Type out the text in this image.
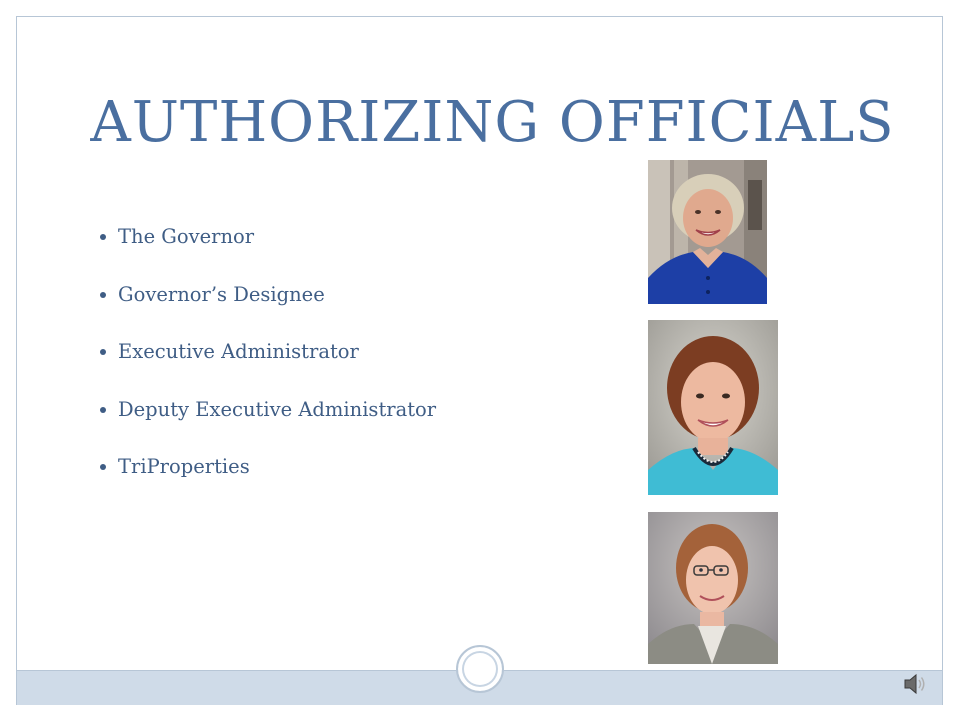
AUTHORIZING OFFICIALS
The Governor
Governor’s Designee
Executive Administrator
Deputy Executive Administrator
TriProperties
